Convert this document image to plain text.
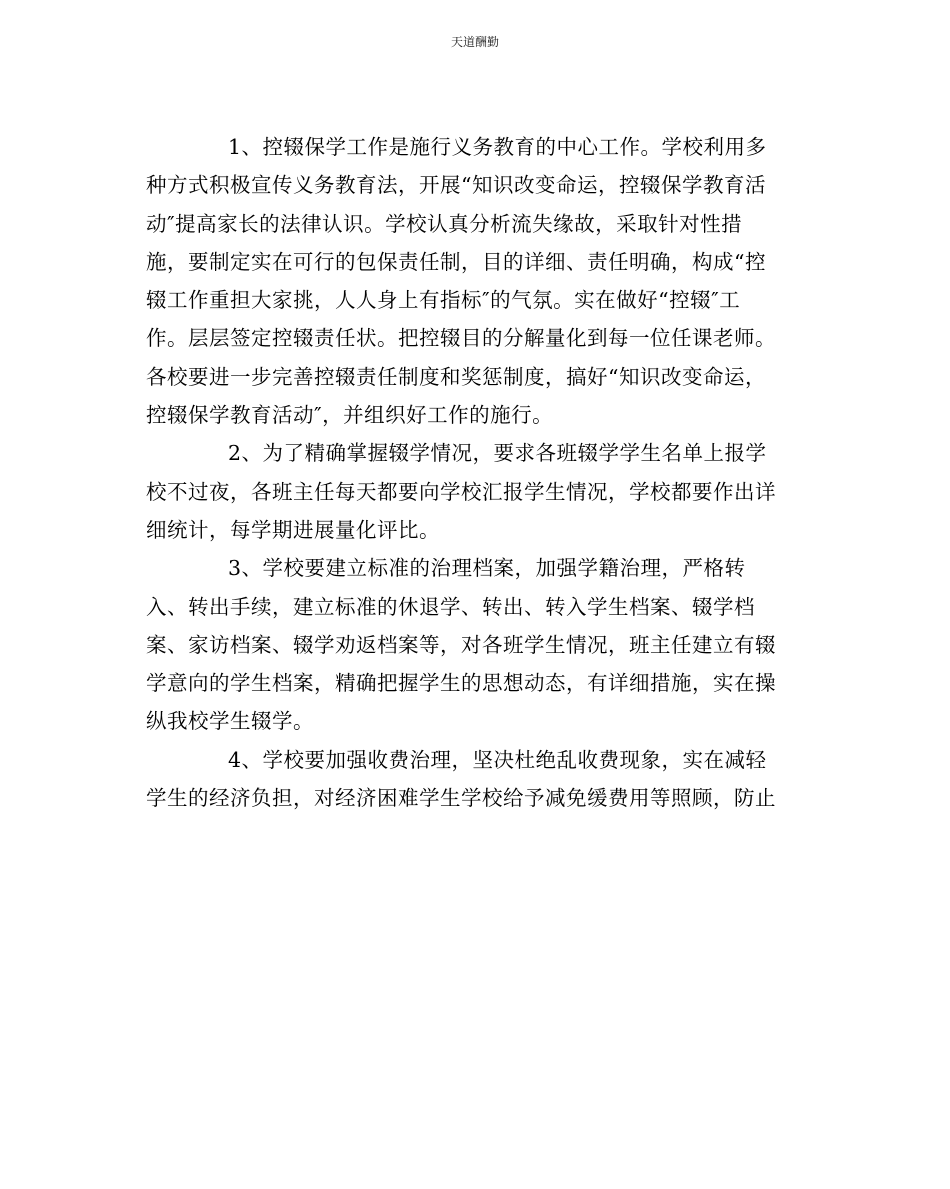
天道酬勤

1、控辍保学工作是施行义务教育的中心工作。学校利用多
种方式积极宣传义务教育法，开展“知识改变命运，控辍保学教育活
动″提高家长的法律认识。学校认真分析流失缘故，采取针对性措
施，要制定实在可行的包保责任制，目的详细、责任明确，构成“控
辍工作重担大家挑，人人身上有指标″的气氛。实在做好“控辍″工
作。层层签定控辍责任状。把控辍目的分解量化到每一位任课老师。
各校要进一步完善控辍责任制度和奖惩制度，搞好“知识改变命运，
控辍保学教育活动″，并组织好工作的施行。

2、为了精确掌握辍学情况，要求各班辍学学生名单上报学
校不过夜，各班主任每天都要向学校汇报学生情况，学校都要作出详
细统计，每学期进展量化评比。

3、学校要建立标准的治理档案，加强学籍治理，严格转
入、转出手续，建立标准的休退学、转出、转入学生档案、辍学档
案、家访档案、辍学劝返档案等，对各班学生情况，班主任建立有辍
学意向的学生档案，精确把握学生的思想动态，有详细措施，实在操
纵我校学生辍学。

4、学校要加强收费治理，坚决杜绝乱收费现象，实在减轻
学生的经济负担，对经济困难学生学校给予减免缓费用等照顾，防止
